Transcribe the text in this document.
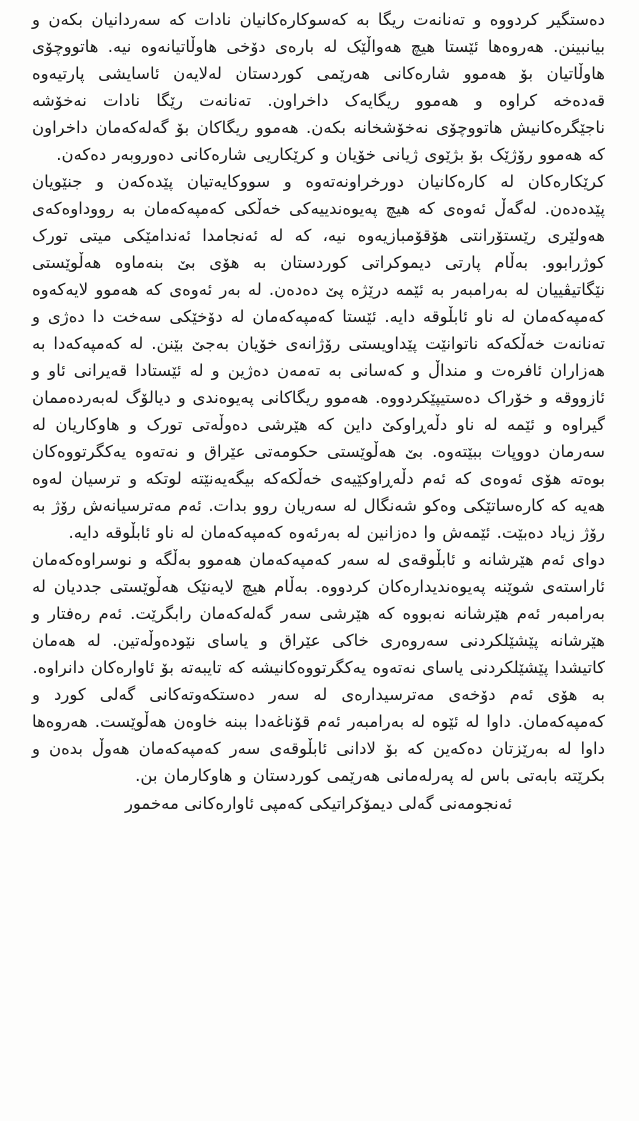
دەستگیر کردووە و تەنانەت ریگا بە کەسوکارەکانیان نادات کە سەردانیان بکەن و بیانبینن. ھەروەھا ئێستا ھیچ ھەواڵێک لە بارەی دۆخی ھاوڵاتیانەوە نیە. ھاتووچۆی ھاوڵاتیان بۆ ھەموو شارەکانی ھەرێمی کوردستان لەلایەن ئاسایشی پارتیەوە قەدەخە کراوە و ھەموو ریگایەک داخراون. تەنانەت رێگا نادات نەخۆشە ناجێگرەکانیش ھاتووچۆی نەخۆشخانە بکەن. ھەموو ریگاکان بۆ گەلەکەمان داخراون کە ھەموو رۆژێک بۆ بژێوی ژیانی خۆیان و کرێکاریی شارەکانی دەوروبەر دەکەن.

کرێکارەکان لە کارەکانیان دورخراونەتەوە و سووکایەتیان پێدەکەن و جنێویان پێدەدەن. لەگەڵ ئەوەی کە ھیچ پەیوەندییەکی خەڵکی کەمپەکەمان بە رووداوەکەی ھەولێری رێستۆرانتی ھۆقۆمبازیەوە نیە، کە لە ئەنجامدا ئەندامێکی میتی تورک کوژرابوو. بەڵام پارتی دیموکراتی کوردستان بە ھۆی بێ بنەماوە ھەڵوێستی نێگاتیڤییان لە بەرامبەر بە ئێمە درێژە پێ دەدەن. لە بەر ئەوەی کە ھەموو لایەکەوە کەمپەکەمان لە ناو ئابڵوقە دایە. ئێستا کەمپەکەمان لە دۆخێکی سەخت دا دەژی و تەنانەت خەڵکەکە ناتوانێت پێداویستی رۆژانەی خۆیان بەجێ بێنن. لە کەمپەکەدا بە ھەزاران ئافرەت و منداڵ و کەسانی بە تەمەن دەژین و لە ئێستادا قەیرانی ئاو و ئازووقە و خۆراک دەستیپێکردووە. ھەموو ریگاکانی پەیوەندی و دیالۆگ لەبەردەممان گیراوە و ئێمە لە ناو دڵەڕاوکێ داین کە ھێرشی دەوڵەتی تورک و ھاوکاریان لە سەرمان دووپات ببێتەوە. بێ ھەڵوێستی حکومەتی عێراق و نەتەوە یەکگرتووەکان بوەتە ھۆی ئەوەی کە ئەم دڵەڕاوکێیەی خەڵکەکە بیگەیەنێتە لوتکە و ترسیان لەوە ھەیە کە کارەساتێکی وەکو شەنگال لە سەریان روو بدات. ئەم مەترسیانەش رۆژ بە رۆژ زیاد دەبێت. ئێمەش وا دەزانین لە بەرئەوە کەمپەکەمان لە ناو ئابڵوقە دایە.

دوای ئەم ھێرشانە و ئابڵوقەی لە سەر کەمپەکەمان ھەموو بەڵگە و نوسراوەکەمان ئاراستەی شوێنە پەیوەندیدارەکان کردووە. بەڵام ھیچ لایەنێک ھەڵوێستی جددیان لە بەرامبەر ئەم ھێرشانە نەبووە کە ھێرشی سەر گەلەکەمان رابگرێت. ئەم رەفتار و ھێرشانە پێشێلکردنی سەروەری خاکی عێراق و یاسای نێودەوڵەتین. لە ھەمان کاتیشدا پێشێلکردنی یاسای نەتەوە یەکگرتووەکانیشە کە تایبەتە بۆ ئاوارەکان دانراوە.

بە ھۆی ئەم دۆخەی مەترسیدارەی لە سەر دەستکەوتەکانی گەلی کورد و کەمپەکەمان. داوا لە ئێوە لە بەرامبەر ئەم قۆناغەدا ببنە خاوەن ھەڵوێست. ھەروەھا داوا لە بەرێزتان دەکەین کە بۆ لادانی ئابڵوقەی سەر کەمپەکەمان ھەوڵ بدەن و بکرێتە بابەتی باس لە پەرلەمانی ھەرێمی کوردستان و ھاوکارمان بن.

ئەنجومەنی گەلی دیمۆکراتیکی کەمپی ئاوارەکانی مەخمور
